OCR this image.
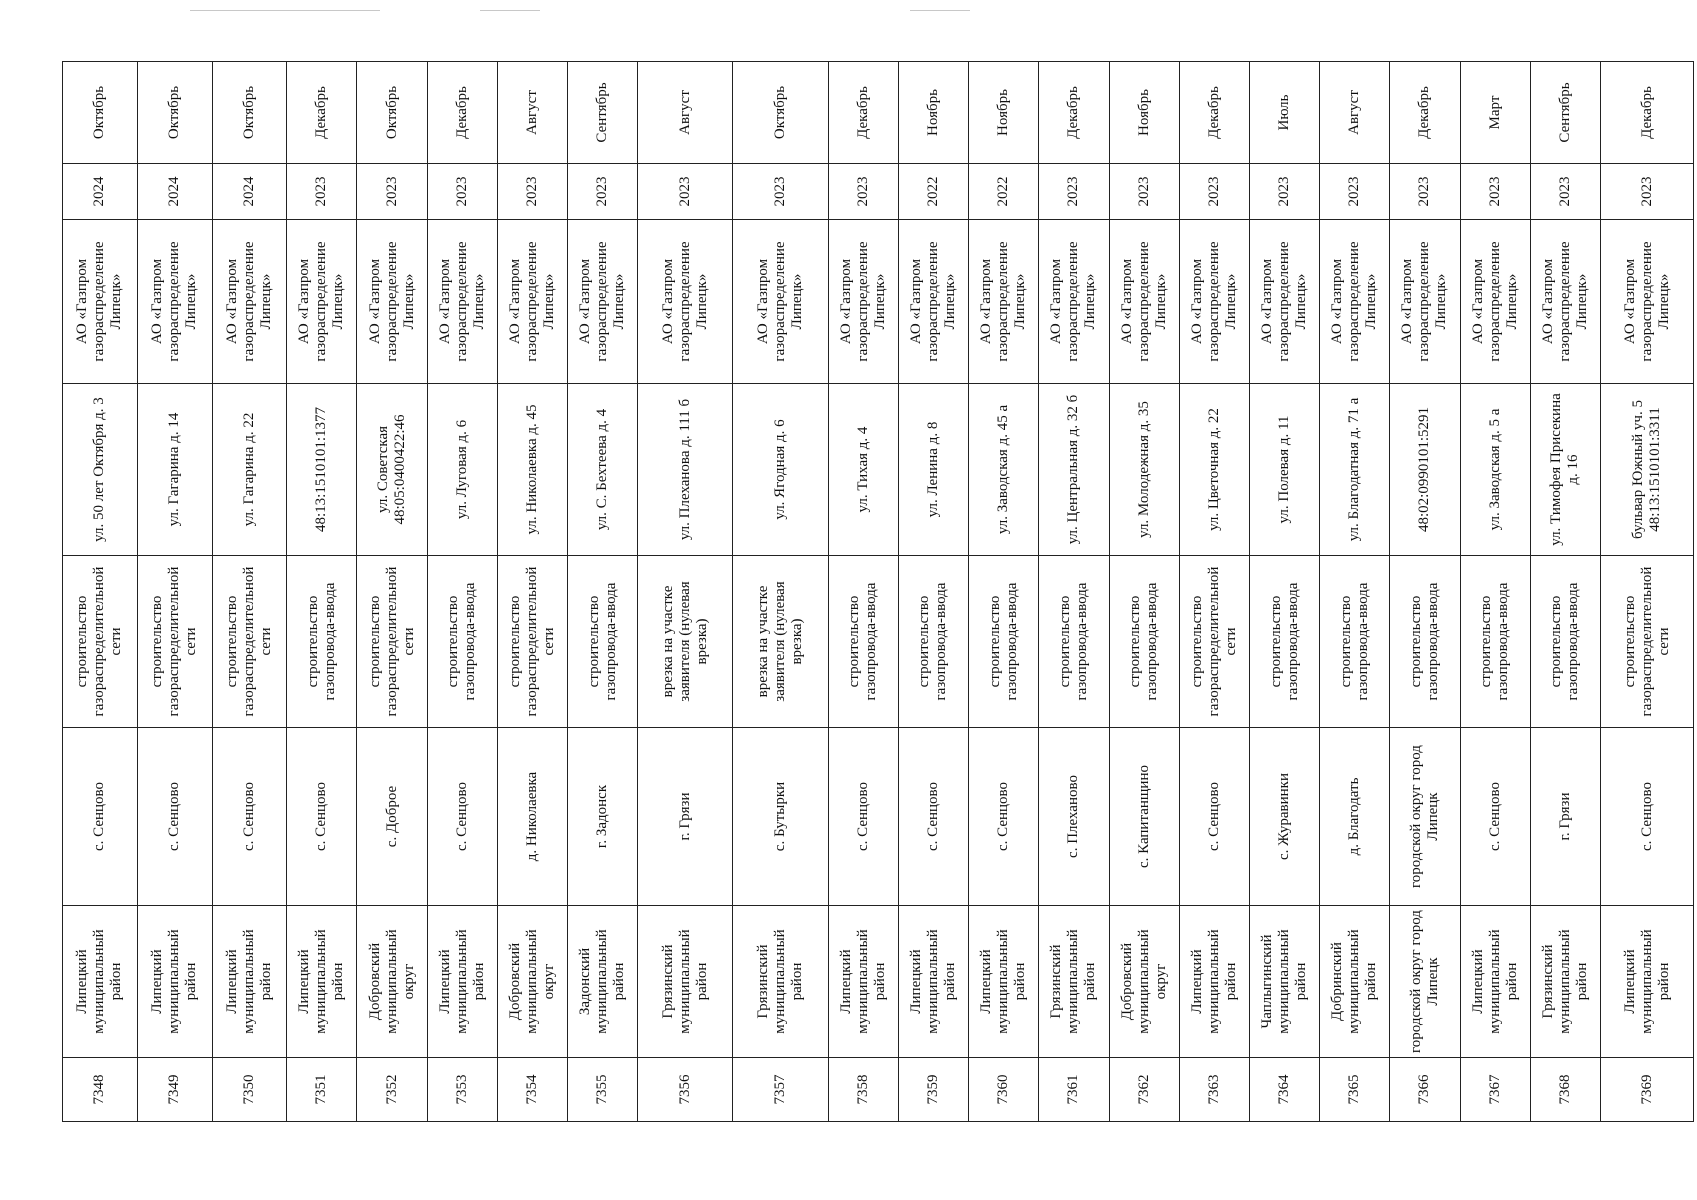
7348	Липецкий муниципальный район	с. Сенцово	строительство газораспределительной сети	ул. 50 лет Октября д. 3	АО «Газпром газораспределение Липецк»	2024	Октябрь
7349	Липецкий муниципальный район	с. Сенцово	строительство газораспределительной сети	ул. Гагарина д. 14	АО «Газпром газораспределение Липецк»	2024	Октябрь
7350	Липецкий муниципальный район	с. Сенцово	строительство газораспределительной сети	ул. Гагарина д. 22	АО «Газпром газораспределение Липецк»	2024	Октябрь
7351	Липецкий муниципальный район	с. Сенцово	строительство газопровода-ввода	48:13:1510101:1377	АО «Газпром газораспределение Липецк»	2023	Декабрь
7352	Добровский муниципальный округ	с. Доброе	строительство газораспределительной сети	ул. Советская 48:05:0400422:46	АО «Газпром газораспределение Липецк»	2023	Октябрь
7353	Липецкий муниципальный район	с. Сенцово	строительство газопровода-ввода	ул. Луговая д. 6	АО «Газпром газораспределение Липецк»	2023	Декабрь
7354	Добровский муниципальный округ	д. Николаевка	строительство газораспределительной сети	ул. Николаевка д. 45	АО «Газпром газораспределение Липецк»	2023	Август
7355	Задонский муниципальный район	г. Задонск	строительство газопровода-ввода	ул. С. Бехтеева д. 4	АО «Газпром газораспределение Липецк»	2023	Сентябрь
7356	Грязинский муниципальный район	г. Грязи	врезка на участке заявителя (нулевая врезка)	ул. Плеханова д. 111 б	АО «Газпром газораспределение Липецк»	2023	Август
7357	Грязинский муниципальный район	с. Бутырки	врезка на участке заявителя (нулевая врезка)	ул. Ягодная д. 6	АО «Газпром газораспределение Липецк»	2023	Октябрь
7358	Липецкий муниципальный район	с. Сенцово	строительство газопровода-ввода	ул. Тихая д. 4	АО «Газпром газораспределение Липецк»	2023	Декабрь
7359	Липецкий муниципальный район	с. Сенцово	строительство газопровода-ввода	ул. Ленина д. 8	АО «Газпром газораспределение Липецк»	2022	Ноябрь
7360	Липецкий муниципальный район	с. Сенцово	строительство газопровода-ввода	ул. Заводская д. 45 а	АО «Газпром газораспределение Липецк»	2022	Ноябрь
7361	Грязинский муниципальный район	с. Плеханово	строительство газопровода-ввода	ул. Центральная д. 32 б	АО «Газпром газораспределение Липецк»	2023	Декабрь
7362	Добровский муниципальный округ	с. Капитанщино	строительство газопровода-ввода	ул. Молодежная д. 35	АО «Газпром газораспределение Липецк»	2023	Ноябрь
7363	Липецкий муниципальный район	с. Сенцово	строительство газораспределительной сети	ул. Цветочная д. 22	АО «Газпром газораспределение Липецк»	2023	Декабрь
7364	Чаплыгинский муниципальный район	с. Журавинки	строительство газопровода-ввода	ул. Полевая д. 11	АО «Газпром газораспределение Липецк»	2023	Июль
7365	Добринский муниципальный район	д. Благодать	строительство газопровода-ввода	ул. Благодатная д. 71 а	АО «Газпром газораспределение Липецк»	2023	Август
7366	городской округ город Липецк	городской округ город Липецк	строительство газопровода-ввода	48:02:0990101:5291	АО «Газпром газораспределение Липецк»	2023	Декабрь
7367	Липецкий муниципальный район	с. Сенцово	строительство газопровода-ввода	ул. Заводская д. 5 а	АО «Газпром газораспределение Липецк»	2023	Март
7368	Грязинский муниципальный район	г. Грязи	строительство газопровода-ввода	ул. Тимофея Присекина д. 16	АО «Газпром газораспределение Липецк»	2023	Сентябрь
7369	Липецкий муниципальный район	с. Сенцово	строительство газораспределительной сети	бульвар Южный уч. 5 48:13:1510101:3311	АО «Газпром газораспределение Липецк»	2023	Декабрь
